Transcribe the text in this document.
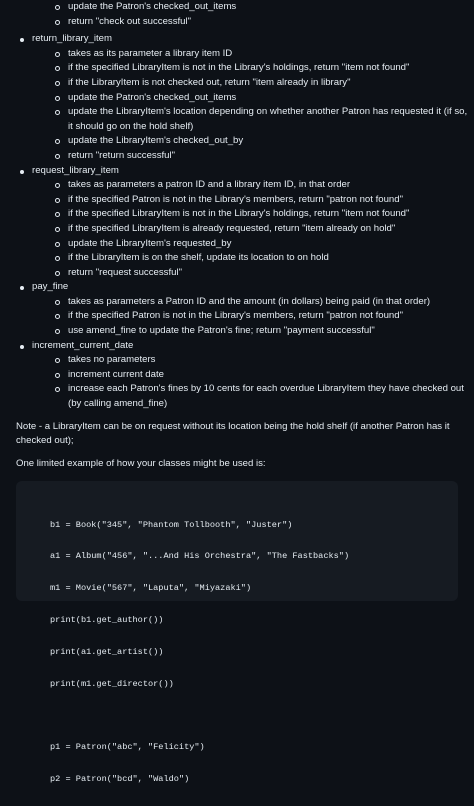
update the Patron's checked_out_items
return "check out successful"
return_library_item
takes as its parameter a library item ID
if the specified LibraryItem is not in the Library's holdings, return "item not found"
if the LibraryItem is not checked out, return "item already in library"
update the Patron's checked_out_items
update the LibraryItem's location depending on whether another Patron has requested it (if so, it should go on the hold shelf)
update the LibraryItem's checked_out_by
return "return successful"
request_library_item
takes as parameters a patron ID and a library item ID, in that order
if the specified Patron is not in the Library's members, return "patron not found"
if the specified LibraryItem is not in the Library's holdings, return "item not found"
if the specified LibraryItem is already requested, return "item already on hold"
update the LibraryItem's requested_by
if the LibraryItem is on the shelf, update its location to on hold
return "request successful"
pay_fine
takes as parameters a Patron ID and the amount (in dollars) being paid (in that order)
if the specified Patron is not in the Library's members, return "patron not found"
use amend_fine to update the Patron's fine; return "payment successful"
increment_current_date
takes no parameters
increment current date
increase each Patron's fines by 10 cents for each overdue LibraryItem they have checked out (by calling amend_fine)

Note - a LibraryItem can be on request without its location being the hold shelf (if another Patron has it checked out);

One limited example of how your classes might be used is:

b1 = Book("345", "Phantom Tollbooth", "Juster")

a1 = Album("456", "...And His Orchestra", "The Fastbacks")

m1 = Movie("567", "Laputa", "Miyazaki")

print(b1.get_author())

print(a1.get_artist())

print(m1.get_director())

p1 = Patron("abc", "Felicity")

p2 = Patron("bcd", "Waldo")
